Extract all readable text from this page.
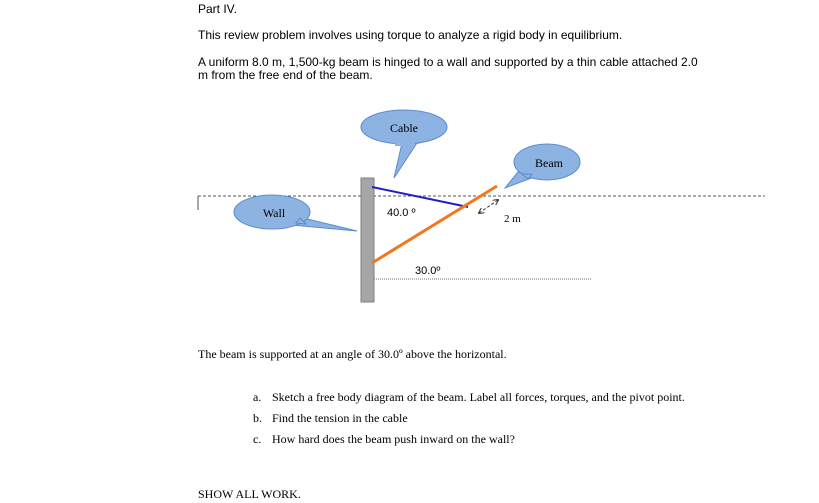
Part IV.
This review problem involves using torque to analyze a rigid body in equilibrium.
A uniform 8.0 m, 1,500-kg beam is hinged to a wall and supported by a thin cable attached 2.0 m from the free end of the beam.
Cable
Beam
Wall	40.0 º
30.0º
2 m
The beam is supported at an angle of 30.0º above the horizontal.
a. Sketch a free body diagram of the beam. Label all forces, torques, and the pivot point.
b. Find the tension in the cable
c. How hard does the beam push inward on the wall?
SHOW ALL WORK.
